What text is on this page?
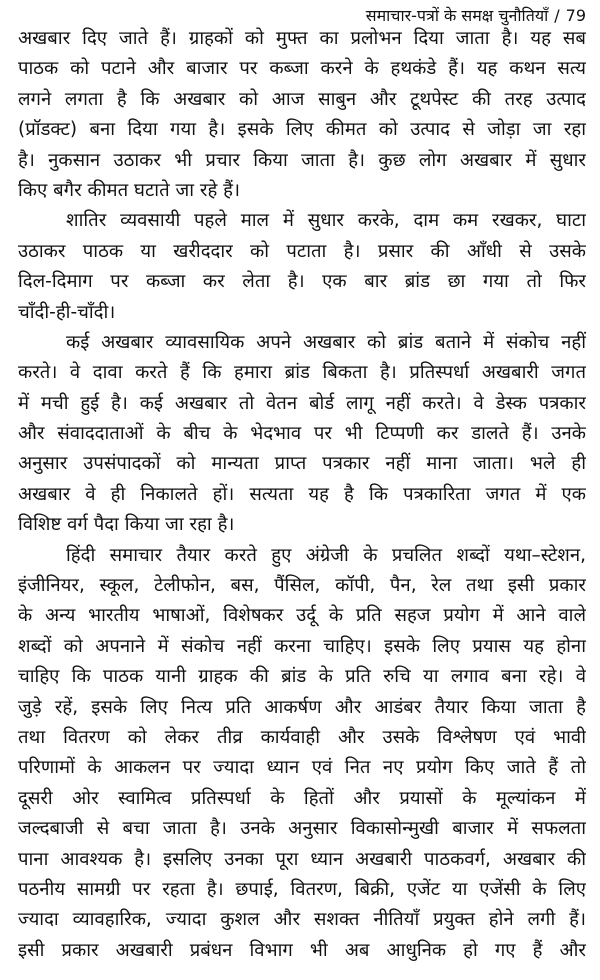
समाचार-पत्रों के समक्ष चुनौतियाँ / 79
अखबार दिए जाते हैं। ग्राहकों को मुफ्त का प्रलोभन दिया जाता है। यह सब
पाठक को पटाने और बाजार पर कब्जा करने के हथकंडे हैं। यह कथन सत्य
लगने लगता है कि अखबार को आज साबुन और टूथपेस्ट की तरह उत्पाद
(प्रॉडक्ट) बना दिया गया है। इसके लिए कीमत को उत्पाद से जोड़ा जा रहा
है। नुकसान उठाकर भी प्रचार किया जाता है। कुछ लोग अखबार में सुधार
किए बगैर कीमत घटाते जा रहे हैं।
शातिर व्यवसायी पहले माल में सुधार करके, दाम कम रखकर, घाटा
उठाकर पाठक या खरीददार को पटाता है। प्रसार की आँधी से उसके
दिल-दिमाग पर कब्जा कर लेता है। एक बार ब्रांड छा गया तो फिर
चाँदी-ही-चाँदी।
कई अखबार व्यावसायिक अपने अखबार को ब्रांड बताने में संकोच नहीं
करते। वे दावा करते हैं कि हमारा ब्रांड बिकता है। प्रतिस्पर्धा अखबारी जगत
में मची हुई है। कई अखबार तो वेतन बोर्ड लागू नहीं करते। वे डेस्क पत्रकार
और संवाददाताओं के बीच के भेदभाव पर भी टिप्पणी कर डालते हैं। उनके
अनुसार उपसंपादकों को मान्यता प्राप्त पत्रकार नहीं माना जाता। भले ही
अखबार वे ही निकालते हों। सत्यता यह है कि पत्रकारिता जगत में एक
विशिष्ट वर्ग पैदा किया जा रहा है।
हिंदी समाचार तैयार करते हुए अंग्रेजी के प्रचलित शब्दों यथा–स्टेशन,
इंजीनियर, स्कूल, टेलीफोन, बस, पैंसिल, कॉपी, पैन, रेल तथा इसी प्रकार
के अन्य भारतीय भाषाओं, विशेषकर उर्दू के प्रति सहज प्रयोग में आने वाले
शब्दों को अपनाने में संकोच नहीं करना चाहिए। इसके लिए प्रयास यह होना
चाहिए कि पाठक यानी ग्राहक की ब्रांड के प्रति रुचि या लगाव बना रहे। वे
जुड़े रहें, इसके लिए नित्य प्रति आकर्षण और आडंबर तैयार किया जाता है
तथा वितरण को लेकर तीव्र कार्यवाही और उसके विश्लेषण एवं भावी
परिणामों के आकलन पर ज्यादा ध्यान एवं नित नए प्रयोग किए जाते हैं तो
दूसरी ओर स्वामित्व प्रतिस्पर्धा के हितों और प्रयासों के मूल्यांकन में
जल्दबाजी से बचा जाता है। उनके अनुसार विकासोन्मुखी बाजार में सफलता
पाना आवश्यक है। इसलिए उनका पूरा ध्यान अखबारी पाठकवर्ग, अखबार की
पठनीय सामग्री पर रहता है। छपाई, वितरण, बिक्री, एजेंट या एजेंसी के लिए
ज्यादा व्यावहारिक, ज्यादा कुशल और सशक्त नीतियाँ प्रयुक्त होने लगी हैं।
इसी प्रकार अखबारी प्रबंधन विभाग भी अब आधुनिक हो गए हैं और
